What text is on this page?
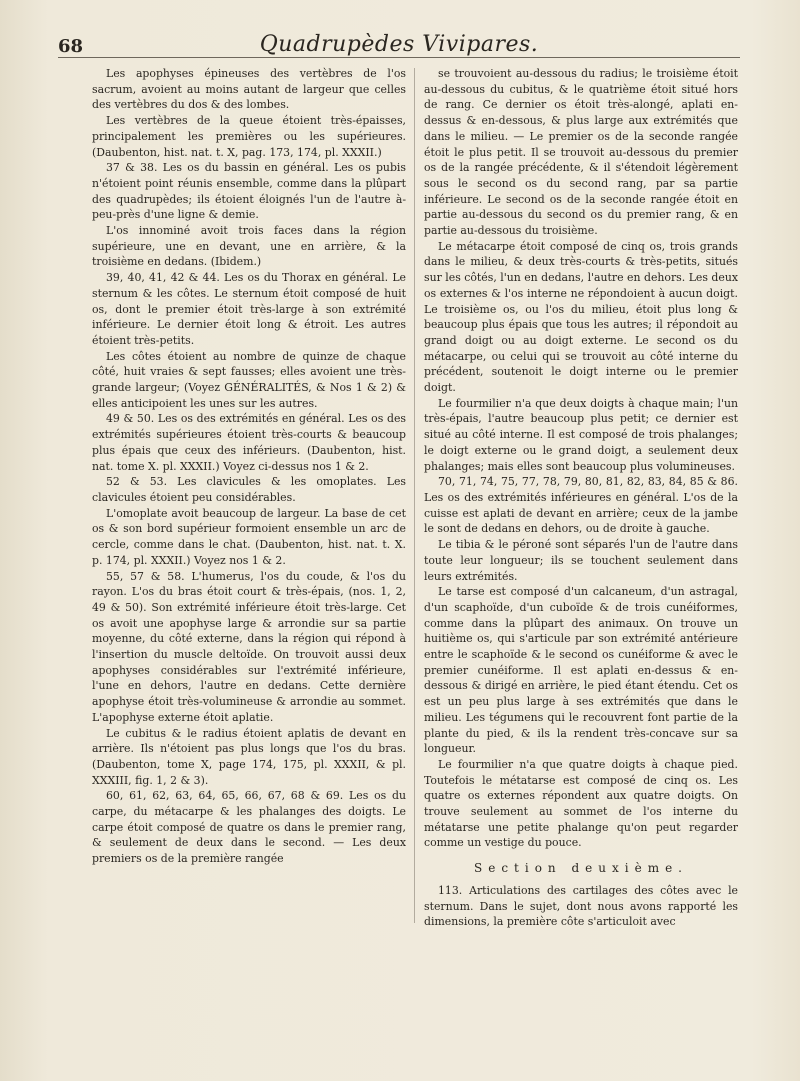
68	Quadrupèdes Vivipares.

Les apophyses épineuses des vertèbres de l'os sacrum, avoient au moins autant de largeur que celles des vertèbres du dos & des lombes.

Les vertèbres de la queue étoient très-épaisses, principalement les premières ou les supérieures. (Daubenton, hist. nat. t. X, pag. 173, 174, pl. XXXII.)

37 & 38. Les os du bassin en général. Les os pubis n'étoient point réunis ensemble, comme dans la plûpart des quadrupèdes; ils étoient éloignés l'un de l'autre à-peu-près d'une ligne & demie.

L'os innominé avoit trois faces dans la région supérieure, une en devant, une en arrière, & la troisième en dedans. (Ibidem.)

39, 40, 41, 42 & 44. Les os du Thorax en général. Le sternum & les côtes. Le sternum étoit composé de huit os, dont le premier étoit très-large à son extrémité inférieure. Le dernier étoit long & étroit. Les autres étoient très-petits.

Les côtes étoient au nombre de quinze de chaque côté, huit vraies & sept fausses; elles avoient une très-grande largeur; (Voyez GÉNÉRALITÉS, & Nos 1 & 2) & elles anticipoient les unes sur les autres.

49 & 50. Les os des extrémités en général. Les os des extrémités supérieures étoient très-courts & beaucoup plus épais que ceux des inférieurs. (Daubenton, hist. nat. tome X. pl. XXXII.) Voyez ci-dessus nos 1 & 2.

52 & 53. Les clavicules & les omoplates. Les clavicules étoient peu considérables.

L'omoplate avoit beaucoup de largeur. La base de cet os & son bord supérieur formoient ensemble un arc de cercle, comme dans le chat. (Daubenton, hist. nat. t. X. p. 174, pl. XXXII.) Voyez nos 1 & 2.

55, 57 & 58. L'humerus, l'os du coude, & l'os du rayon. L'os du bras étoit court & très-épais, (nos. 1, 2, 49 & 50). Son extrémité inférieure étoit très-large. Cet os avoit une apophyse large & arrondie sur sa partie moyenne, du côté externe, dans la région qui répond à l'insertion du muscle deltoïde. On trouvoit aussi deux apophyses considérables sur l'extrémité inférieure, l'une en dehors, l'autre en dedans. Cette dernière apophyse étoit très-volumineuse & arrondie au sommet. L'apophyse externe étoit aplatie.

Le cubitus & le radius étoient aplatis de devant en arrière. Ils n'étoient pas plus longs que l'os du bras. (Daubenton, tome X, page 174, 175, pl. XXXII, & pl. XXXIII, fig. 1, 2 & 3).

60, 61, 62, 63, 64, 65, 66, 67, 68 & 69. Les os du carpe, du métacarpe & les phalanges des doigts. Le carpe étoit composé de quatre os dans le premier rang, & seulement de deux dans le second. — Les deux premiers os de la première rangée

se trouvoient au-dessous du radius; le troisième étoit au-dessous du cubitus, & le quatrième étoit situé hors de rang. Ce dernier os étoit très-alongé, aplati en-dessus & en-dessous, & plus large aux extrémités que dans le milieu. — Le premier os de la seconde rangée étoit le plus petit. Il se trouvoit au-dessous du premier os de la rangée précédente, & il s'étendoit légèrement sous le second os du second rang, par sa partie inférieure. Le second os de la seconde rangée étoit en partie au-dessous du second os du premier rang, & en partie au-dessous du troisième.

Le métacarpe étoit composé de cinq os, trois grands dans le milieu, & deux très-courts & très-petits, situés sur les côtés, l'un en dedans, l'autre en dehors. Les deux os externes & l'os interne ne répondoient à aucun doigt. Le troisième os, ou l'os du milieu, étoit plus long & beaucoup plus épais que tous les autres; il répondoit au grand doigt ou au doigt externe. Le second os du métacarpe, ou celui qui se trouvoit au côté interne du précédent, soutenoit le doigt interne ou le premier doigt.

Le fourmilier n'a que deux doigts à chaque main; l'un très-épais, l'autre beaucoup plus petit; ce dernier est situé au côté interne. Il est composé de trois phalanges; le doigt externe ou le grand doigt, a seulement deux phalanges; mais elles sont beaucoup plus volumineuses.

70, 71, 74, 75, 77, 78, 79, 80, 81, 82, 83, 84, 85 & 86. Les os des extrémités inférieures en général. L'os de la cuisse est aplati de devant en arrière; ceux de la jambe le sont de dedans en dehors, ou de droite à gauche.

Le tibia & le péroné sont séparés l'un de l'autre dans toute leur longueur; ils se touchent seulement dans leurs extrémités.

Le tarse est composé d'un calcaneum, d'un astragal, d'un scaphoïde, d'un cuboïde & de trois cunéiformes, comme dans la plûpart des animaux. On trouve un huitième os, qui s'articule par son extrémité antérieure entre le scaphoïde & le second os cunéiforme & avec le premier cunéiforme. Il est aplati en-dessus & en-dessous & dirigé en arrière, le pied étant étendu. Cet os est un peu plus large à ses extrémités que dans le milieu. Les tégumens qui le recouvrent font partie de la plante du pied, & ils la rendent très-concave sur sa longueur.

Le fourmilier n'a que quatre doigts à chaque pied. Toutefois le métatarse est composé de cinq os. Les quatre os externes répondent aux quatre doigts. On trouve seulement au sommet de l'os interne du métatarse une petite phalange qu'on peut regarder comme un vestige du pouce.

Section deuxième.

113. Articulations des cartilages des côtes avec le sternum. Dans le sujet, dont nous avons rapporté les dimensions, la première côte s'articuloit avec
